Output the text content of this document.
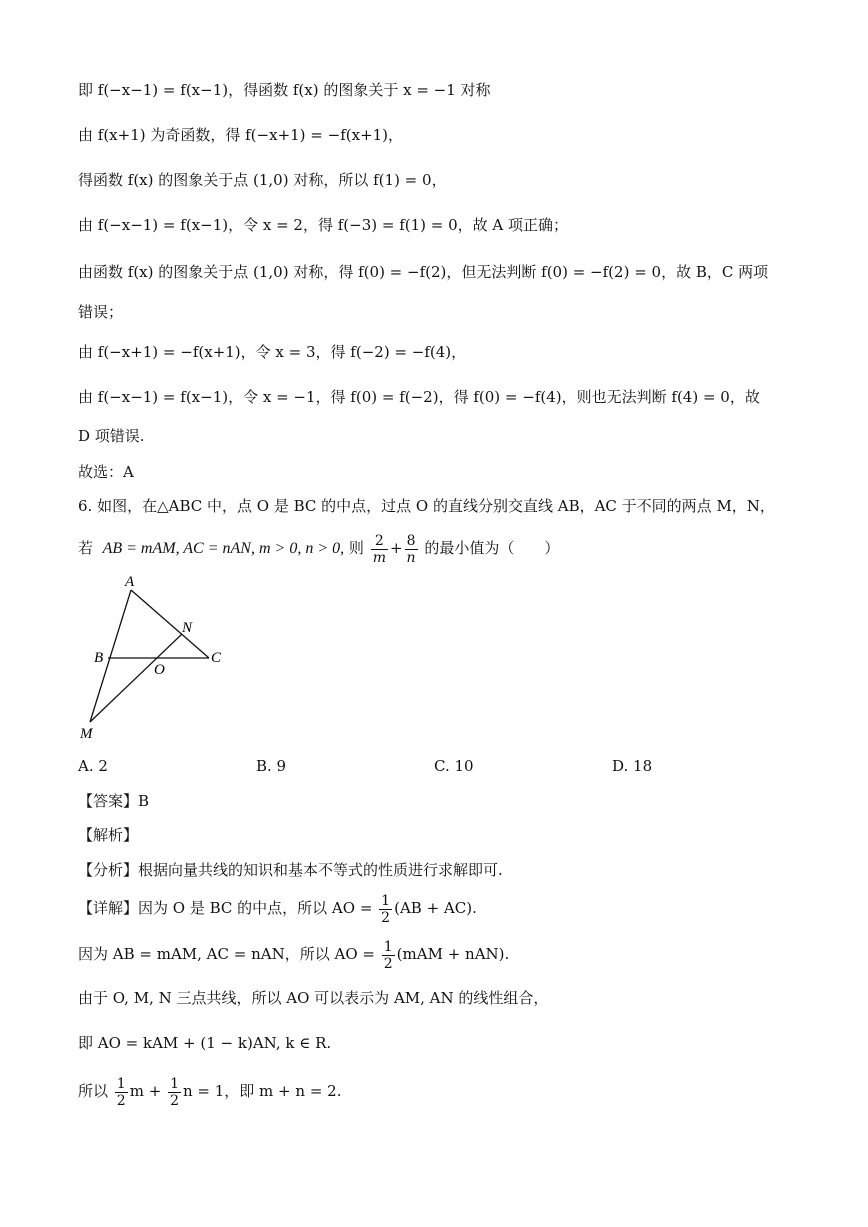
即 f(−x−1) = f(x−1)，得函数 f(x) 的图象关于 x = −1 对称
由 f(x+1) 为奇函数，得 f(−x+1) = −f(x+1)，
得函数 f(x) 的图象关于点 (1,0) 对称，所以 f(1) = 0，
由 f(−x−1) = f(x−1)，令 x = 2，得 f(−3) = f(1) = 0，故 A 项正确；
由函数 f(x) 的图象关于点 (1,0) 对称，得 f(0) = −f(2)，但无法判断 f(0) = −f(2) = 0，故 B，C 两项
错误；
由 f(−x+1) = −f(x+1)，令 x = 3，得 f(−2) = −f(4)，
由 f(−x−1) = f(x−1)，令 x = −1，得 f(0) = f(−2)，得 f(0) = −f(4)，则也无法判断 f(4) = 0，故
D 项错误.
故选：A
6. 如图，在△ABC 中，点 O 是 BC 的中点，过点 O 的直线分别交直线 AB，AC 于不同的两点 M，N，
若 AB = mAM, AC = nAN, m > 0, n > 0, 则 $\frac{2}{m} + \frac{8}{n}$ 的最小值为（　　）
A
N
B
O
C
M
A. 2	B. 9	C. 10	D. 18
【答案】B
【解析】
【分析】根据向量共线的知识和基本不等式的性质进行求解即可.
【详解】因为 O 是 BC 的中点，所以 AO = $\frac{1}{2} (AB + AC)$.
因为 AB = mAM, AC = nAN，所以 AO = $\frac{1}{2} (mAM + nAN)$.
由于 O, M, N 三点共线，所以 AO 可以表示为 AM, AN 的线性组合，
即 AO = kAM + (1 − k)AN, k ∈ R.
所以 $\frac{1}{2}$ $m + \frac{1}{2}$ n = 1，即 m + n = 2.
